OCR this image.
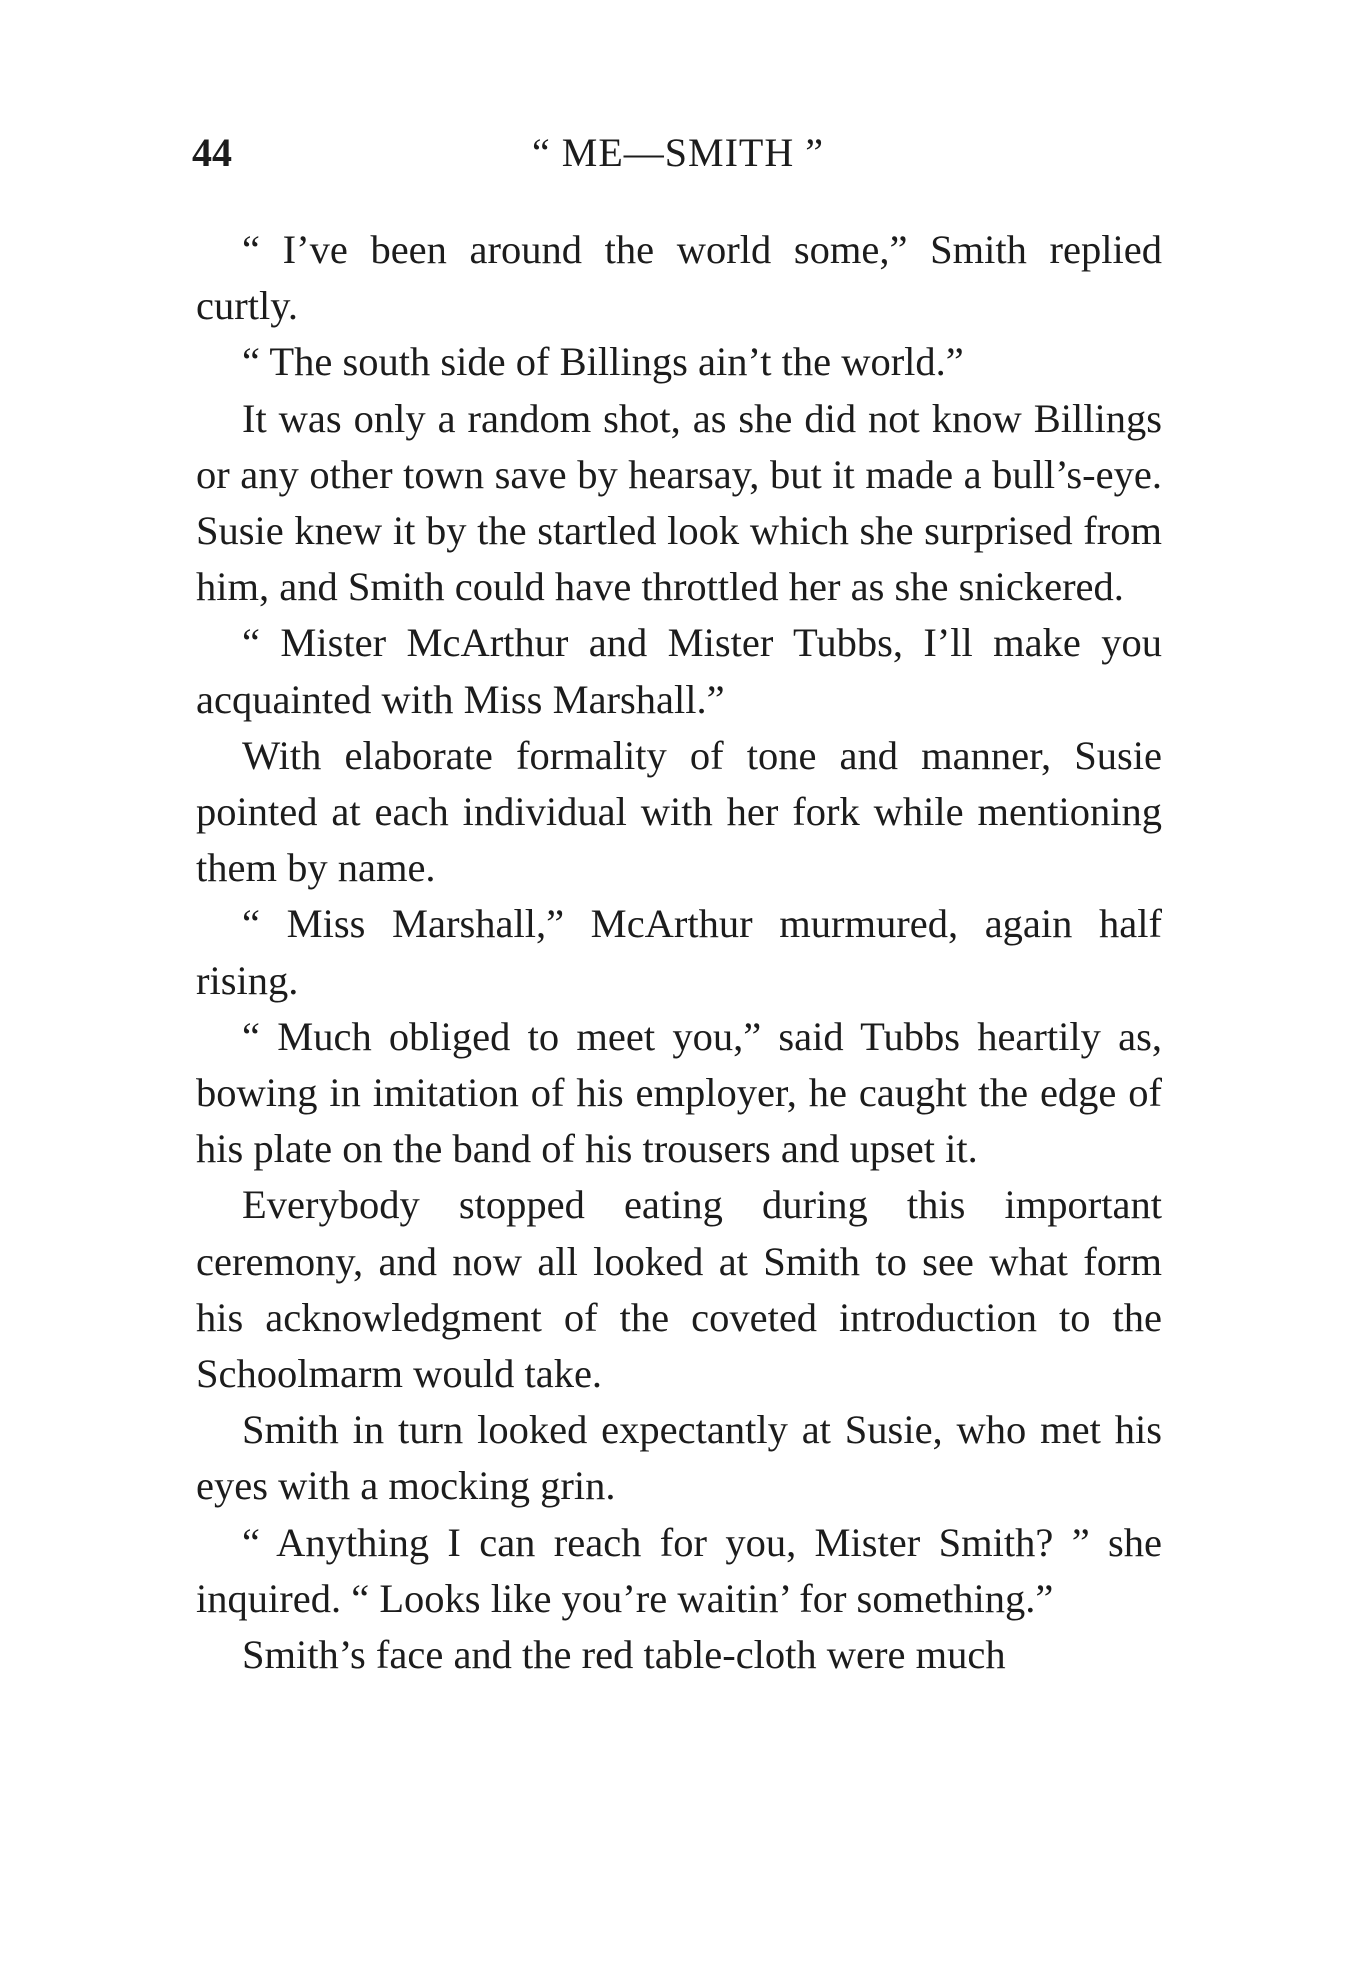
44	“ ME—SMITH ”

“ I’ve been around the world some,” Smith replied curtly.

“ The south side of Billings ain’t the world.”

It was only a random shot, as she did not know Billings or any other town save by hearsay, but it made a bull’s-eye. Susie knew it by the startled look which she surprised from him, and Smith could have throttled her as she snickered.

“ Mister McArthur and Mister Tubbs, I’ll make you acquainted with Miss Marshall.”

With elaborate formality of tone and manner, Susie pointed at each individual with her fork while mentioning them by name.

“ Miss Marshall,” McArthur murmured, again half rising.

“ Much obliged to meet you,” said Tubbs heartily as, bowing in imitation of his employer, he caught the edge of his plate on the band of his trousers and upset it.

Everybody stopped eating during this important ceremony, and now all looked at Smith to see what form his acknowledgment of the coveted introduction to the Schoolmarm would take.

Smith in turn looked expectantly at Susie, who met his eyes with a mocking grin.

“ Anything I can reach for you, Mister Smith? ” she inquired. “ Looks like you’re waitin’ for something.”

Smith’s face and the red table-cloth were much
